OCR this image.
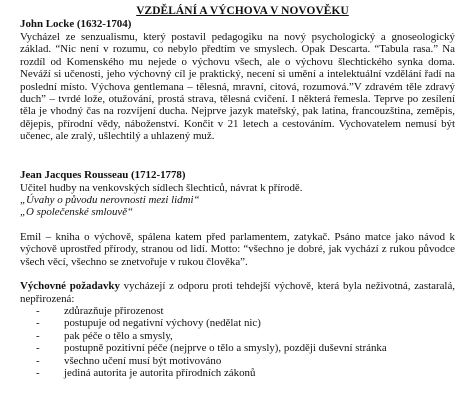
VZDĚLÁNÍ A VÝCHOVA V NOVOVĚKU
John Locke (1632-1704)

Vycházel ze senzualismu, který postavil pedagogiku na nový psychologický a gnoseologický základ. “Nic není v rozumu, co nebylo předtím ve smyslech. Opak Descarta. “Tabula rasa.” Na rozdíl od Komenského mu nejede o výchovu všech, ale o výchovu šlechtického synka doma. Neváží si učenosti, jeho výchovný cíl je praktický, necení si umění a intelektuální vzdělání řadí na poslední místo. Výchova gentlemana – tělesná, mravní, citová, rozumová.”V zdravém těle zdravý duch” – tvrdé lože, otužování, prostá strava, tělesná cvičení. I některá řemesla. Teprve po zesílení těla je vhodný čas na rozvíjení ducha. Nejprve jazyk mateřský, pak latina, francouzština, zeměpis, dějepis, přírodní vědy, náboženství. Končit v 21 letech a cestováním. Vychovatelem nemusí být učenec, ale zralý, ušlechtilý a uhlazený muž.

Jean Jacques Rousseau (1712-1778)

Učitel hudby na venkovských sídlech šlechticů, návrat k přírodě.

„Úvahy o původu nerovnosti mezi lidmi“

„O společenské smlouvě“

Emil – kniha o výchově, spálena katem před parlamentem, zatykač. Psáno matce jako návod k výchově uprostřed přírody, stranou od lidí. Motto: “všechno je dobré, jak vychází z rukou původce všech věcí, všechno se znetvořuje v rukou člověka”.

Výchovné požadavky vycházejí z odporu proti tehdejší výchově, která byla neživotná, zastaralá, nepřirozená:

- zdůrazňuje přirozenost
- postupuje od negativní výchovy (nedělat nic)
- pak péče o tělo a smysly,
- postupně pozitivní péče (nejprve o tělo a smysly), později duševní stránka
- všechno učení musí být motivováno
- jediná autorita je autorita přírodních zákonů
